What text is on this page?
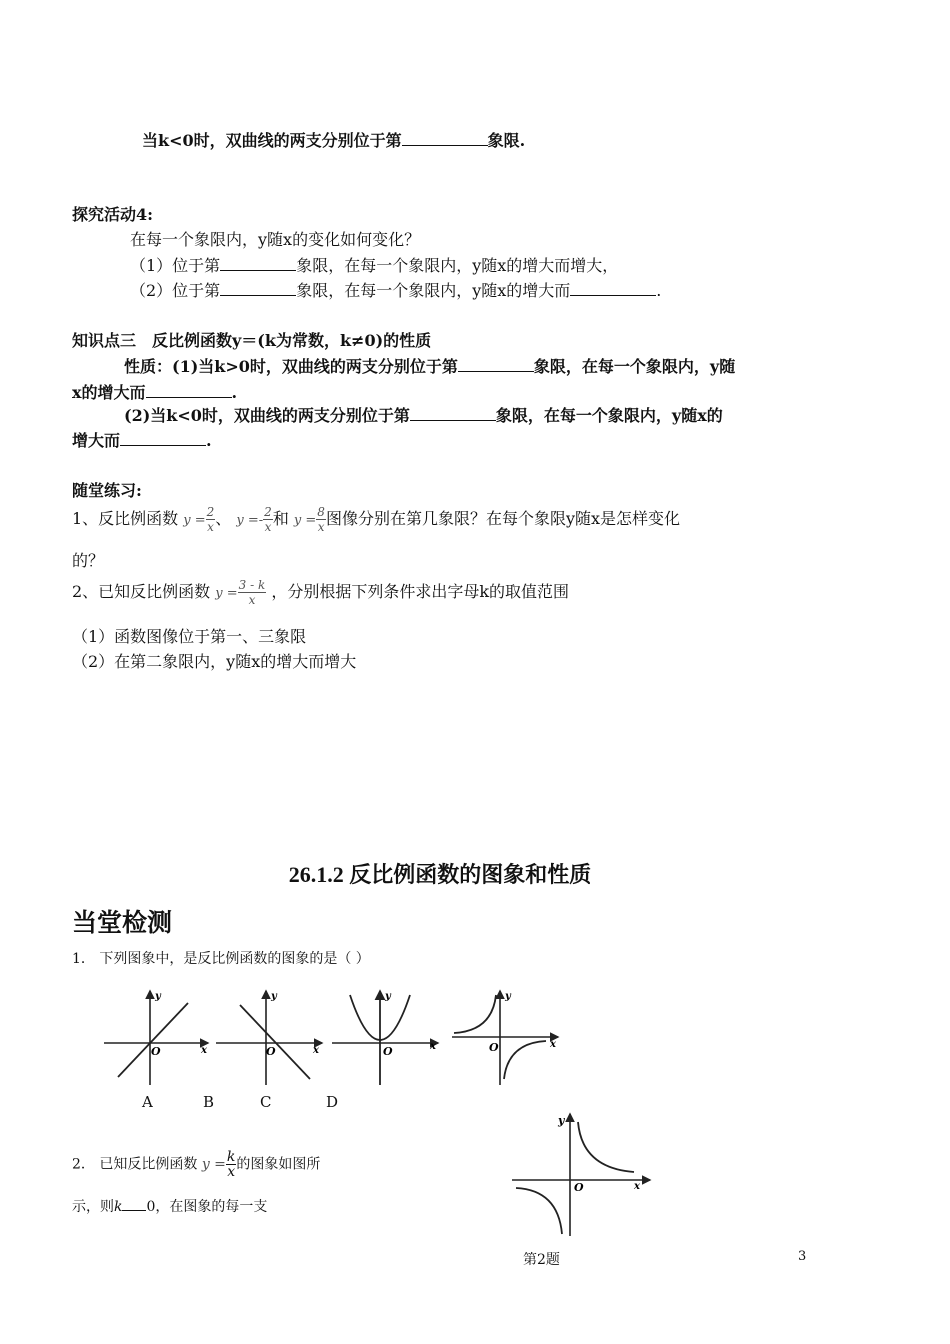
当k<0时，双曲线的两支分别位于第	象限.
探究活动4:
在每一个象限内，y随x的变化如何变化？
（1）位于第	象限，在每一个象限内，y随x的增大而增大，
（2）位于第	象限，在每一个象限内，y随x的增大而	.
知识点三　反比例函数y＝(k为常数，k≠0)的性质
性质：(1)当k>0时，双曲线的两支分别位于第	象限，在每一个象限内，y随
x的增大而	.
(2)当k<0时，双曲线的两支分别位于第	象限，在每一个象限内，y随x的
增大而	.
随堂练习:
1、反比例函数 $y = \frac{2}{x}$ 、 $y =- \frac{2}{x}$ 和 $y = \frac{8}{x}$ 图像分别在第几象限？在每个象限y随x是怎样变化
的？
2、已知反比例函数 $y = \frac{3 - k}{x}$ ，分别根据下列条件求出字母k的取值范围
（1）函数图像位于第一、三象限
（2）在第二象限内，y随x的增大而增大
26.1.2 反比例函数的图象和性质
当堂检测
1． 下列图象中，是反比例函数的图象的是（ ）
y
x
O
y
x
O
y
x
O
y
x
O
A	B	C	D
2． 已知反比例函数 $y = \frac{k}{x}$ 的图象如图所
示，则k 0，在图象的每一支
y
x
O
第2题	3
